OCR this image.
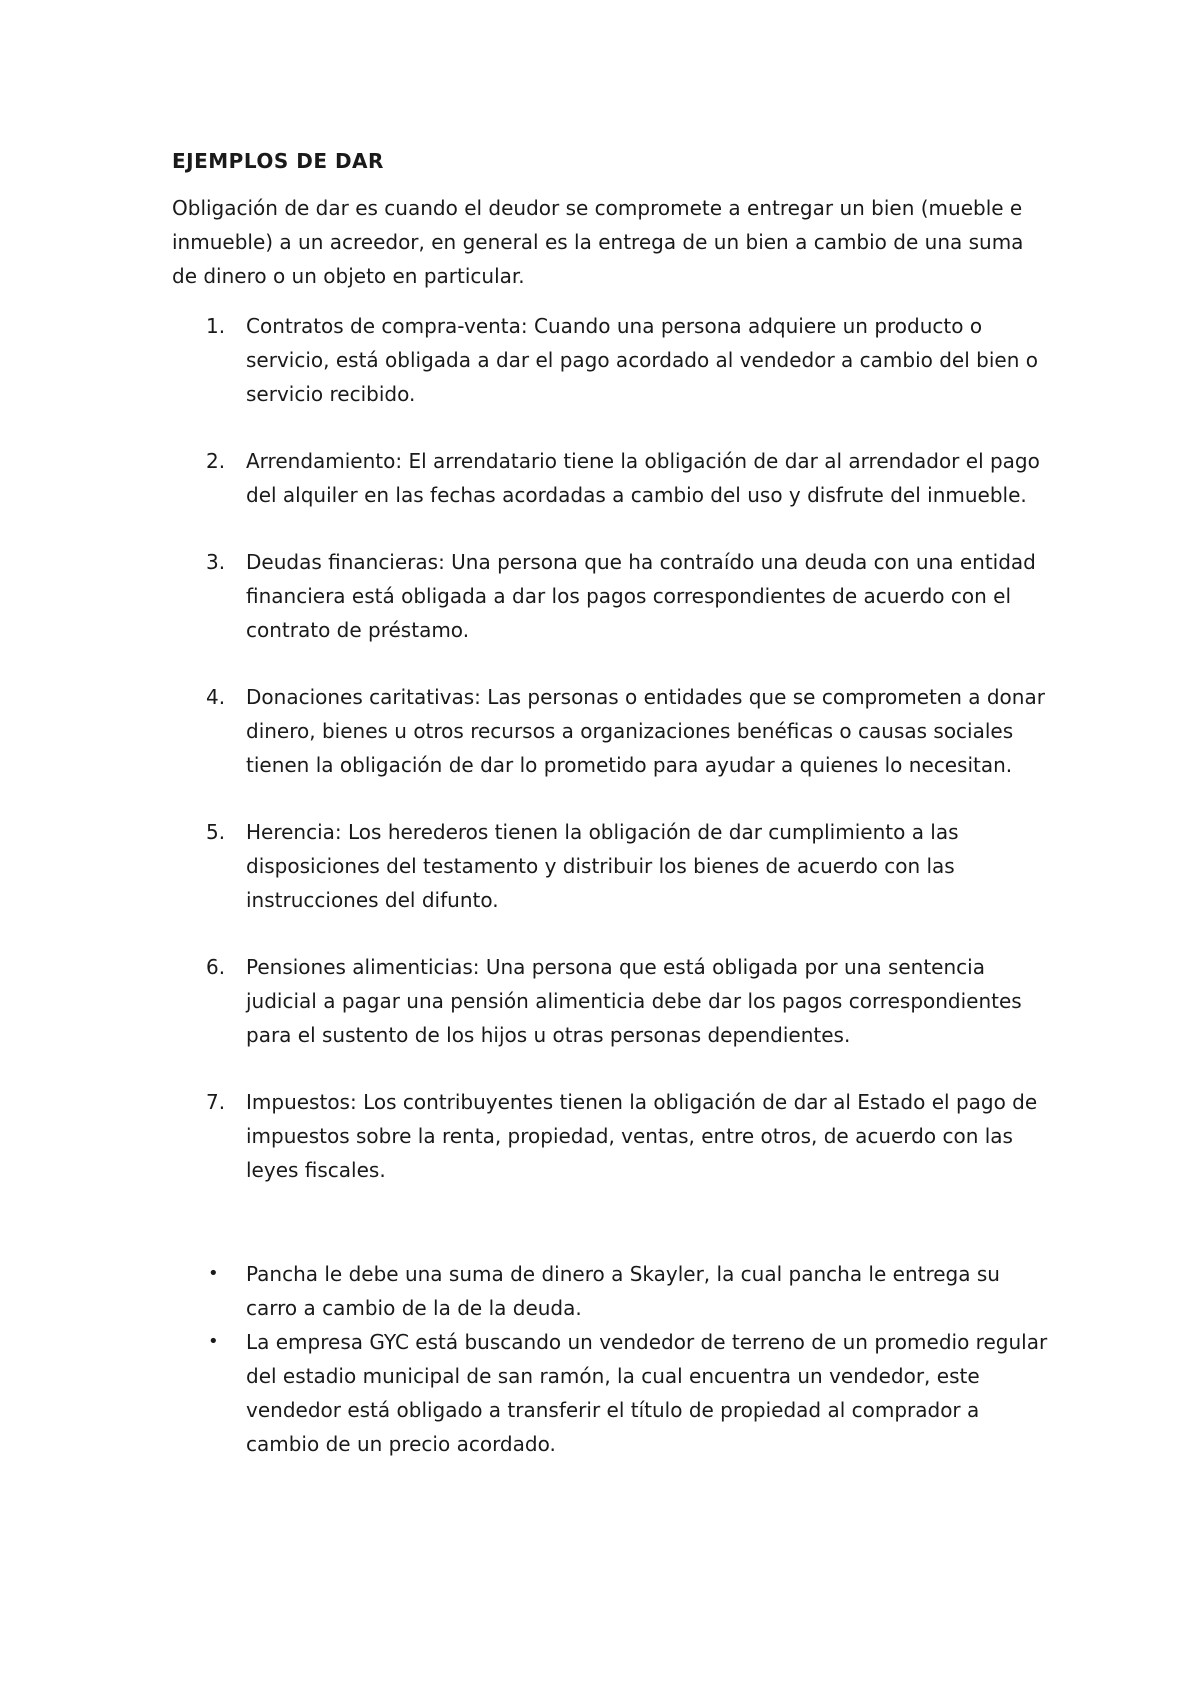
EJEMPLOS DE DAR
Obligación de dar es cuando el deudor se compromete a entregar un bien (mueble e inmueble) a un acreedor, en general es la entrega de un bien a cambio de una suma de dinero o un objeto en particular.
1. Contratos de compra-venta: Cuando una persona adquiere un producto o servicio, está obligada a dar el pago acordado al vendedor a cambio del bien o servicio recibido.
2. Arrendamiento: El arrendatario tiene la obligación de dar al arrendador el pago del alquiler en las fechas acordadas a cambio del uso y disfrute del inmueble.
3. Deudas financieras: Una persona que ha contraído una deuda con una entidad financiera está obligada a dar los pagos correspondientes de acuerdo con el contrato de préstamo.
4. Donaciones caritativas: Las personas o entidades que se comprometen a donar dinero, bienes u otros recursos a organizaciones benéficas o causas sociales tienen la obligación de dar lo prometido para ayudar a quienes lo necesitan.
5. Herencia: Los herederos tienen la obligación de dar cumplimiento a las disposiciones del testamento y distribuir los bienes de acuerdo con las instrucciones del difunto.
6. Pensiones alimenticias: Una persona que está obligada por una sentencia judicial a pagar una pensión alimenticia debe dar los pagos correspondientes para el sustento de los hijos u otras personas dependientes.
7. Impuestos: Los contribuyentes tienen la obligación de dar al Estado el pago de impuestos sobre la renta, propiedad, ventas, entre otros, de acuerdo con las leyes fiscales.
• Pancha le debe una suma de dinero a Skayler, la cual pancha le entrega su carro a cambio de la de la deuda.
• La empresa GYC está buscando un vendedor de terreno de un promedio regular del estadio municipal de san ramón, la cual encuentra un vendedor, este vendedor está obligado a transferir el título de propiedad al comprador a cambio de un precio acordado.
